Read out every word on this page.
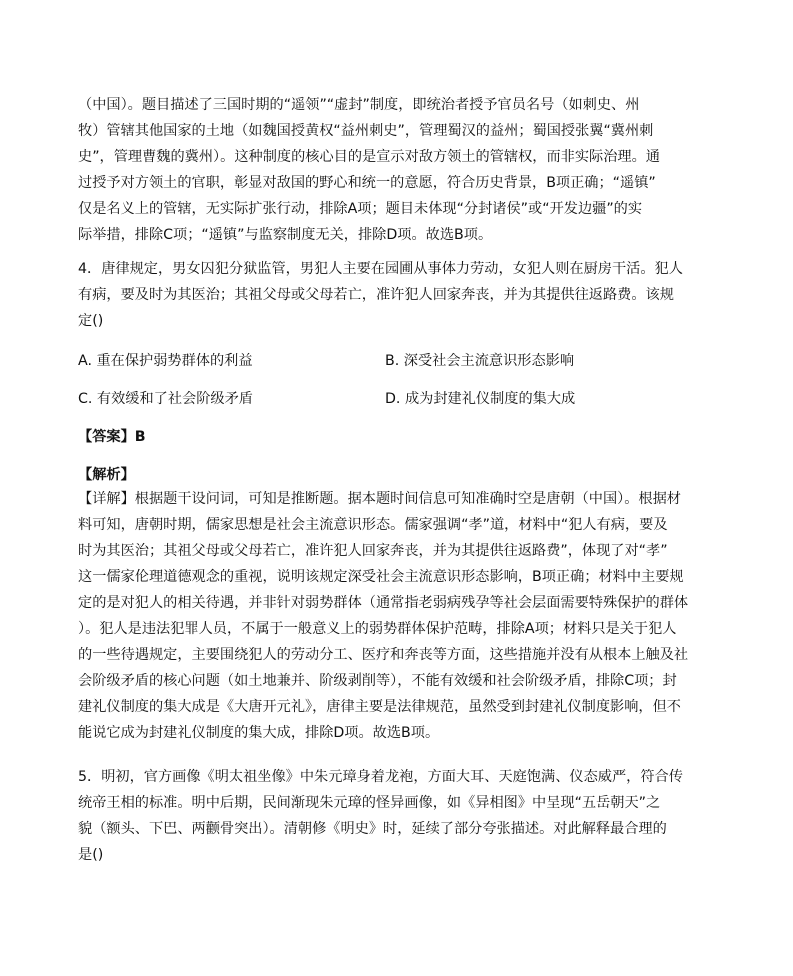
（中国）。题目描述了三国时期的“遥领”“虚封”制度，即统治者授予官员名号（如刺史、州
牧）管辖其他国家的土地（如魏国授黄权“益州刺史”，管理蜀汉的益州；蜀国授张翼“冀州刺
史”，管理曹魏的冀州）。这种制度的核心目的是宣示对敌方领土的管辖权，而非实际治理。通
过授予对方领土的官职，彰显对敌国的野心和统一的意愿，符合历史背景，B项正确；“遥镇”
仅是名义上的管辖，无实际扩张行动，排除A项；题目未体现“分封诸侯”或“开发边疆”的实
际举措，排除C项；“遥镇”与监察制度无关，排除D项。故选B项。
4．唐律规定，男女囚犯分狱监管，男犯人主要在园圃从事体力劳动，女犯人则在厨房干活。犯人
有病，要及时为其医治；其祖父母或父母若亡，准许犯人回家奔丧，并为其提供往返路费。该规
定()
A. 重在保护弱势群体的利益	B. 深受社会主流意识形态影响
C. 有效缓和了社会阶级矛盾	D. 成为封建礼仪制度的集大成
【答案】B
【解析】
【详解】根据题干设问词，可知是推断题。据本题时间信息可知准确时空是唐朝（中国）。根据材
料可知，唐朝时期，儒家思想是社会主流意识形态。儒家强调“孝”道，材料中“犯人有病，要及
时为其医治；其祖父母或父母若亡，准许犯人回家奔丧，并为其提供往返路费”，体现了对“孝”
这一儒家伦理道德观念的重视，说明该规定深受社会主流意识形态影响，B项正确；材料中主要规
定的是对犯人的相关待遇，并非针对弱势群体（通常指老弱病残孕等社会层面需要特殊保护的群体
）。犯人是违法犯罪人员，不属于一般意义上的弱势群体保护范畴，排除A项；材料只是关于犯人
的一些待遇规定，主要围绕犯人的劳动分工、医疗和奔丧等方面，这些措施并没有从根本上触及社
会阶级矛盾的核心问题（如土地兼并、阶级剥削等），不能有效缓和社会阶级矛盾，排除C项；封
建礼仪制度的集大成是《大唐开元礼》，唐律主要是法律规范，虽然受到封建礼仪制度影响，但不
能说它成为封建礼仪制度的集大成，排除D项。故选B项。
5．明初，官方画像《明太祖坐像》中朱元璋身着龙袍，方面大耳、天庭饱满、仪态威严，符合传
统帝王相的标准。明中后期，民间渐现朱元璋的怪异画像，如《异相图》中呈现“五岳朝天”之
貌（额头、下巴、两颧骨突出）。清朝修《明史》时，延续了部分夸张描述。对此解释最合理的
是()
